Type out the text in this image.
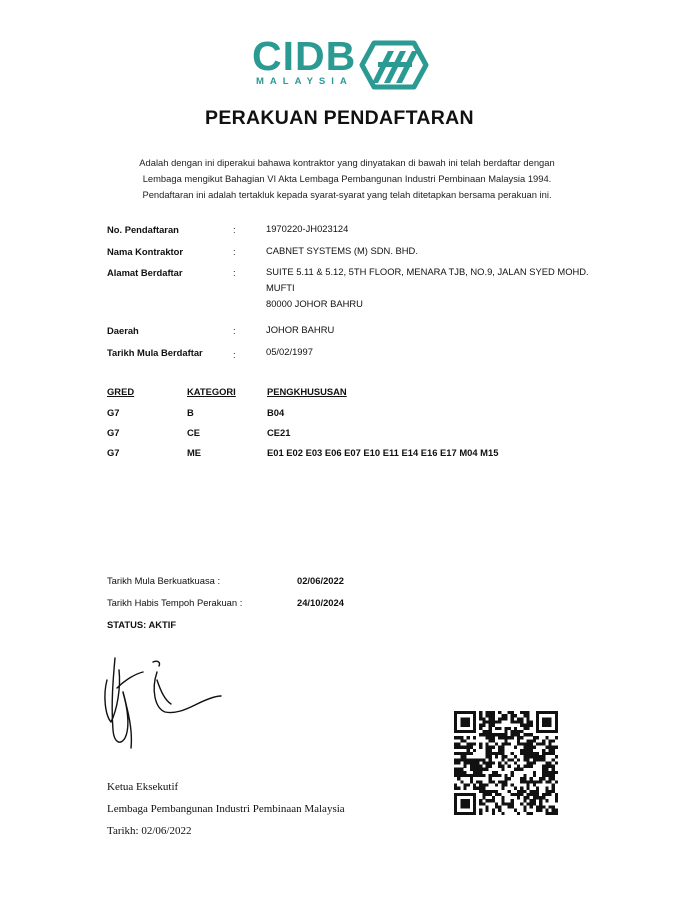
CIDB
MALAYSIA
PERAKUAN PENDAFTARAN

Adalah dengan ini diperakui bahawa kontraktor yang dinyatakan di bawah ini telah berdaftar dengan

Lembaga mengikut Bahagian VI Akta Lembaga Pembangunan Industri Pembinaan Malaysia 1994.

Pendaftaran ini adalah tertakluk kepada syarat-syarat yang telah ditetapkan bersama perakuan ini.

No. Pendaftaran	:	1970220-JH023124
Nama Kontraktor	:	CABNET SYSTEMS (M) SDN. BHD.
Alamat Berdaftar	:	SUITE 5.11 & 5.12, 5TH FLOOR, MENARA TJB, NO.9, JALAN SYED MOHD.
MUFTI
80000 JOHOR BAHRU
Daerah	:	JOHOR BAHRU
Tarikh Mula Berdaftar	:	05/02/1997
GRED	KATEGORI	PENGKHUSUSAN
G7	B	B04
G7	CE	CE21
G7	ME	E01 E02 E03 E06 E07 E10 E11 E14 E16 E17 M04 M15
Tarikh Mula Berkuatkuasa :	02/06/2022
Tarikh Habis Tempoh Perakuan :	24/10/2024
STATUS: AKTIF
Ketua Eksekutif
Lembaga Pembangunan Industri Pembinaan Malaysia
Tarikh: 02/06/2022
